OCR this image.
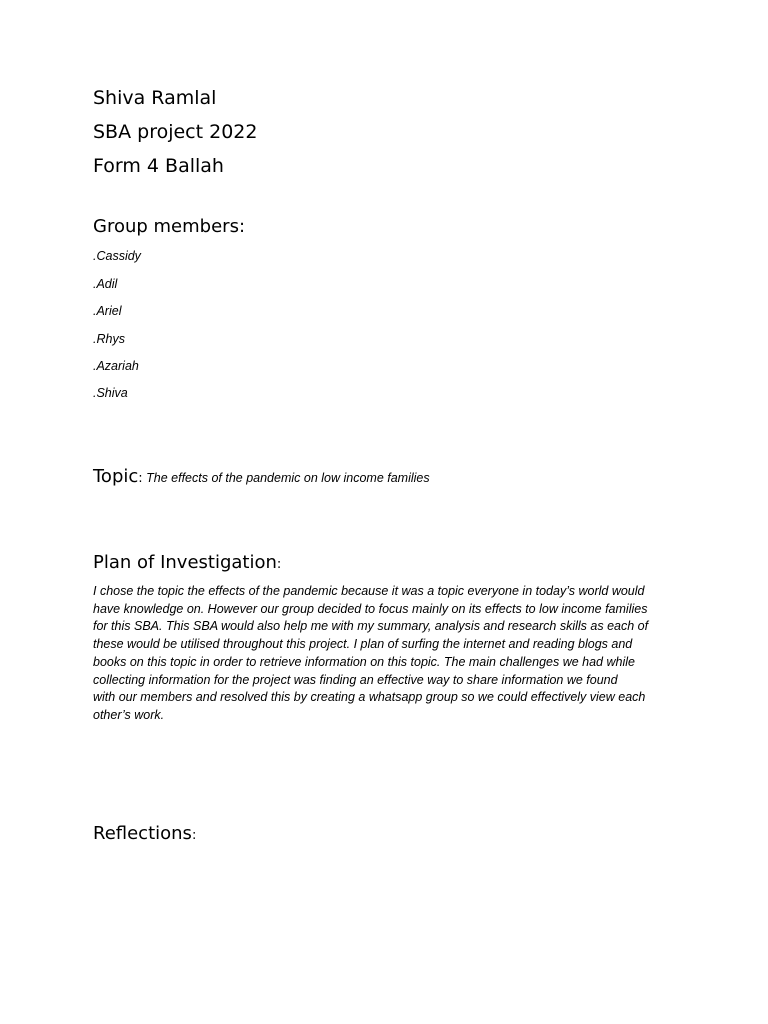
Shiva Ramlal
SBA project 2022
Form 4 Ballah
Group members:
.Cassidy
.Adil
.Ariel
.Rhys
.Azariah
.Shiva
Topic: The effects of the pandemic on low income families
Plan of Investigation:
I chose the topic the effects of the pandemic because it was a topic everyone in today’s world would
have knowledge on. However our group decided to focus mainly on its effects to low income families
for this SBA. This SBA would also help me with my summary, analysis and research skills as each of
these would be utilised throughout this project. I plan of surfing the internet and reading blogs and
books on this topic in order to retrieve information on this topic. The main challenges we had while
collecting information for the project was finding an effective way to share information we found
with our members and resolved this by creating a whatsapp group so we could effectively view each
other’s work.
Reflections:
